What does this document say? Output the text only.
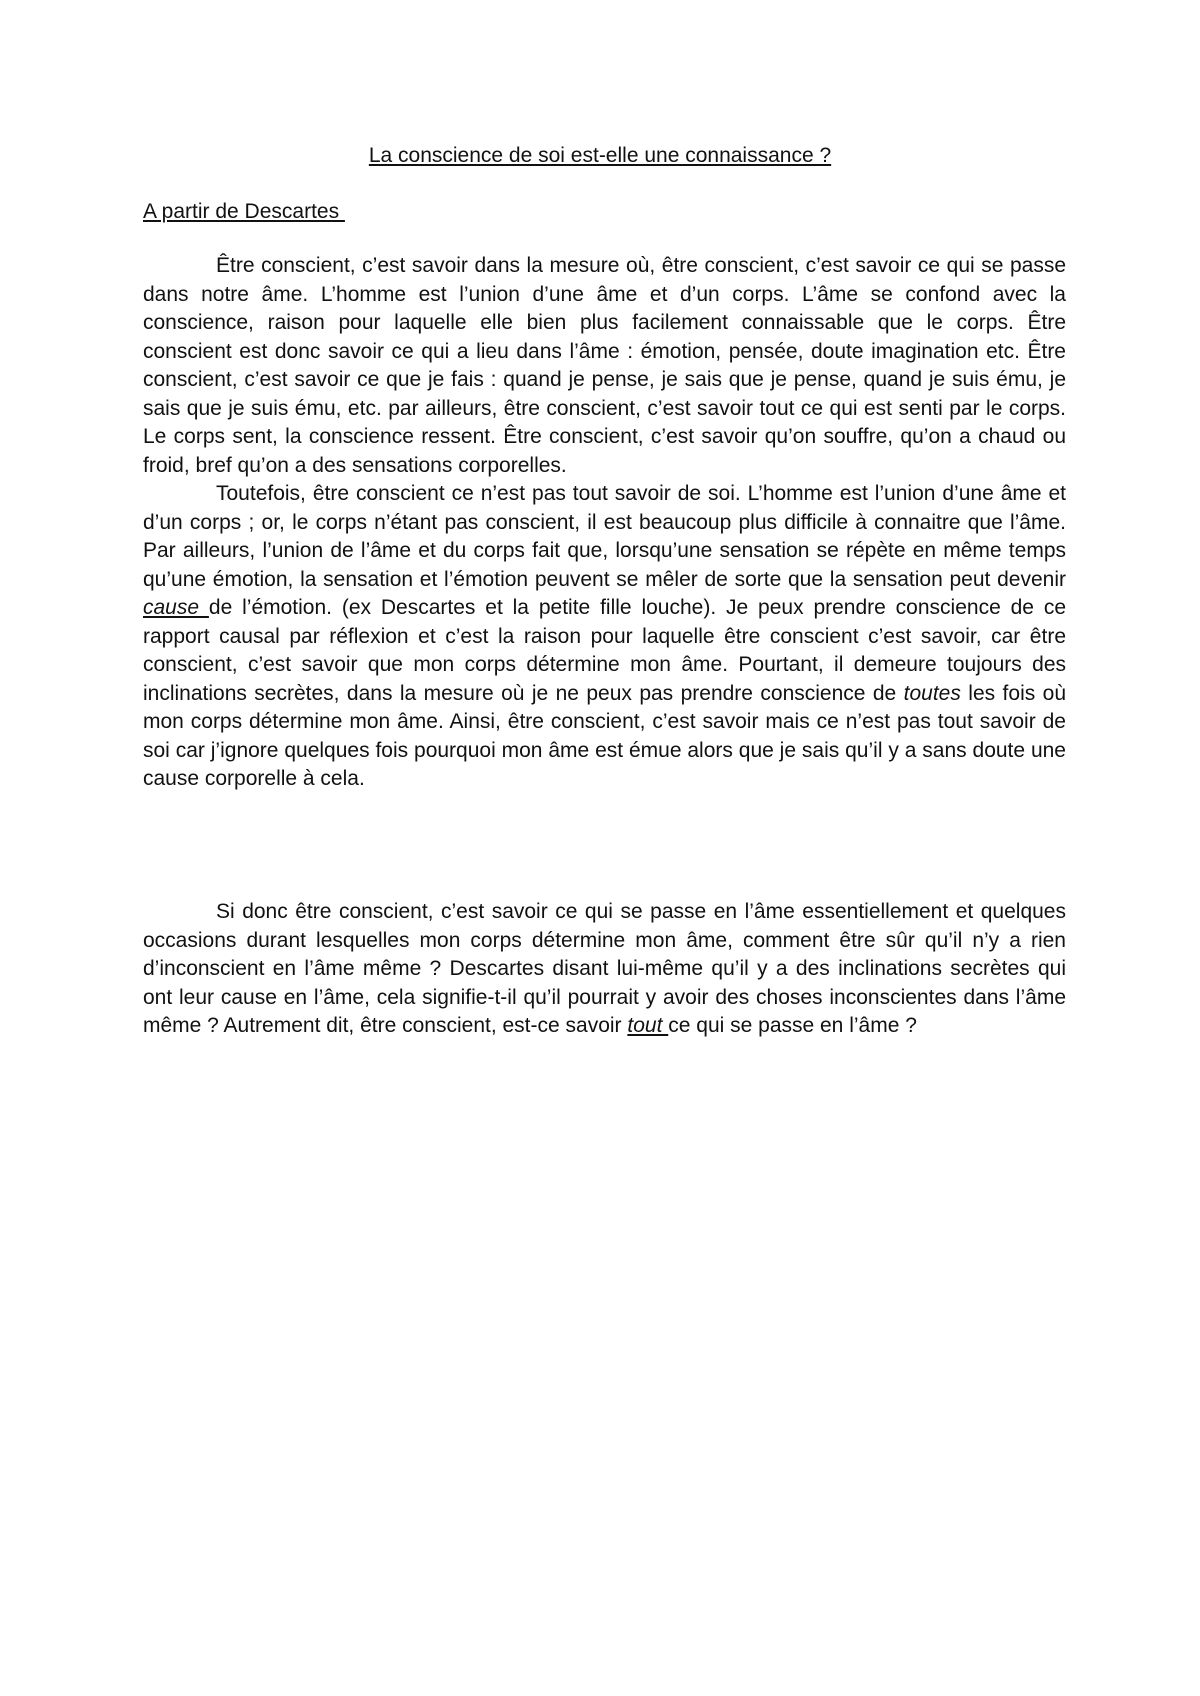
La conscience de soi est-elle une connaissance ?
A partir de Descartes

Être conscient, c’est savoir dans la mesure où, être conscient, c’est savoir ce qui se passe dans notre âme. L’homme est l’union d’une âme et d’un corps. L’âme se confond avec la conscience, raison pour laquelle elle bien plus facilement connaissable que le corps. Être conscient est donc savoir ce qui a lieu dans l’âme : émotion, pensée, doute imagination etc. Être conscient, c’est savoir ce que je fais : quand je pense, je sais que je pense, quand je suis ému, je sais que je suis ému, etc. par ailleurs, être conscient, c’est savoir tout ce qui est senti par le corps. Le corps sent, la conscience ressent. Être conscient, c’est savoir qu’on souffre, qu’on a chaud ou froid, bref qu’on a des sensations corporelles.

Toutefois, être conscient ce n’est pas tout savoir de soi. L’homme est l’union d’une âme et d’un corps ; or, le corps n’étant pas conscient, il est beaucoup plus difficile à connaitre que l’âme. Par ailleurs, l’union de l’âme et du corps fait que, lorsqu’une sensation se répète en même temps qu’une émotion, la sensation et l’émotion peuvent se mêler de sorte que la sensation peut devenir cause de l’émotion. (ex Descartes et la petite fille louche). Je peux prendre conscience de ce rapport causal par réflexion et c’est la raison pour laquelle être conscient c’est savoir, car être conscient, c’est savoir que mon corps détermine mon âme. Pourtant, il demeure toujours des inclinations secrètes, dans la mesure où je ne peux pas prendre conscience de toutes les fois où mon corps détermine mon âme. Ainsi, être conscient, c’est savoir mais ce n’est pas tout savoir de soi car j’ignore quelques fois pourquoi mon âme est émue alors que je sais qu’il y a sans doute une cause corporelle à cela.

Si donc être conscient, c’est savoir ce qui se passe en l’âme essentiellement et quelques occasions durant lesquelles mon corps détermine mon âme, comment être sûr qu’il n’y a rien d’inconscient en l’âme même ? Descartes disant lui-même qu’il y a des inclinations secrètes qui ont leur cause en l’âme, cela signifie-t-il qu’il pourrait y avoir des choses inconscientes dans l’âme même ? Autrement dit, être conscient, est-ce savoir tout ce qui se passe en l’âme ?
